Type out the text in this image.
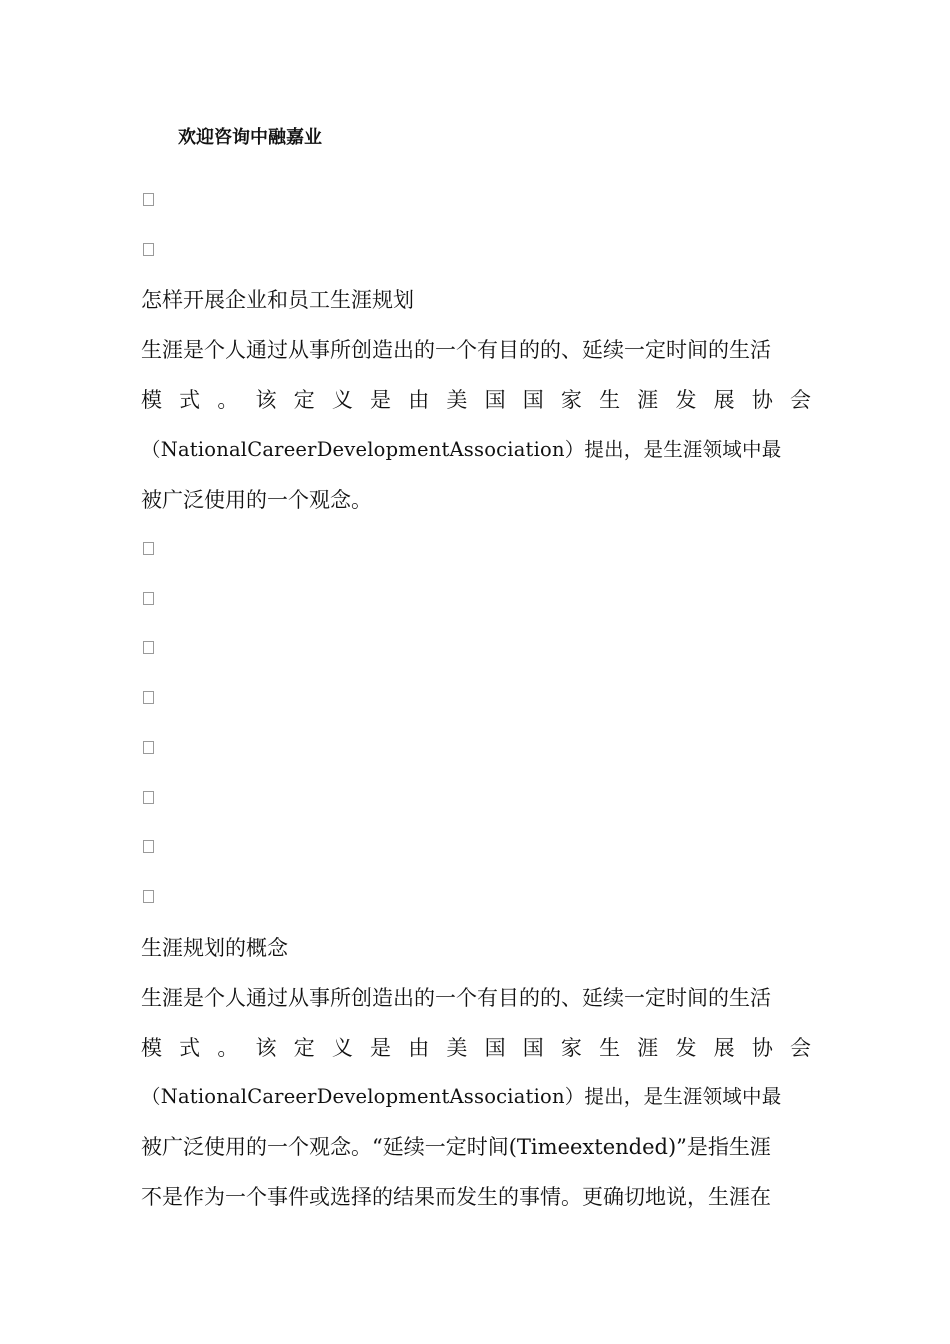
欢迎咨询中融嘉业
怎样开展企业和员工生涯规划
生涯是个人通过从事所创造出的一个有目的的、延续一定时间的生活
模 式 。 该 定 义 是 由 美 国 国 家 生 涯 发 展 协 会
（NationalCareerDevelopmentAssociation）提出，是生涯领域中最
被广泛使用的一个观念。
生涯规划的概念
生涯是个人通过从事所创造出的一个有目的的、延续一定时间的生活
模 式 。 该 定 义 是 由 美 国 国 家 生 涯 发 展 协 会
（NationalCareerDevelopmentAssociation）提出，是生涯领域中最
被广泛使用的一个观念。“延续一定时间(Timeextended)”是指生涯
不是作为一个事件或选择的结果而发生的事情。更确切地说，生涯在
